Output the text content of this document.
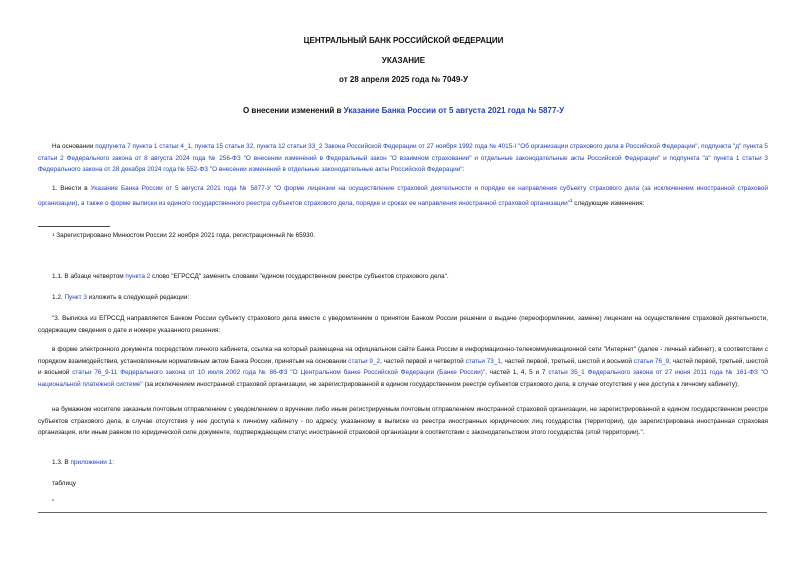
ЦЕНТРАЛЬНЫЙ БАНК РОССИЙСКОЙ ФЕДЕРАЦИИ
УКАЗАНИЕ
от 28 апреля 2025 года № 7049-У
О внесении изменений в Указание Банка России от 5 августа 2021 года № 5877-У

На основании подпункта 7 пункта 1 статьи 4_1, пункта 15 статьи 32, пункта 12 статьи 33_2 Закона Российской Федерации от 27 ноября 1992 года № 4015-I "Об организации страхового дела в Российской Федерации", подпункта "д" пункта 5 статьи 2 Федерального закона от 8 августа 2024 года № 256-ФЗ "О внесении изменений в Федеральный закон "О взаимном страховании" и отдельные законодательные акты Российской Федерации" и подпункта "а" пункта 1 статьи 3 Федерального закона от 28 декабря 2024 года № 552-ФЗ "О внесении изменений в отдельные законодательные акты Российской Федерации":

1. Внести в Указание Банка России от 5 августа 2021 года № 5877-У "О форме лицензии на осуществление страховой деятельности и порядке ее направления субъекту страхового дела (за исключением иностранной страховой организации), а также о форме выписки из единого государственного реестра субъектов страхового дела, порядке и сроках ее направления иностранной страховой организации"$^1$ следующие изменения:

$^1$ Зарегистрировано Минюстом России 22 ноября 2021 года, регистрационный № 65930.

1.1. В абзаце четвертом пункта 2 слово "ЕГРССД" заменить словами "едином государственном реестре субъектов страхового дела".

1.2. Пункт 3 изложить в следующей редакции:

"3. Выписка из ЕГРССД направляется Банком России субъекту страхового дела вместе с уведомлением о принятом Банком России решении о выдаче (переоформлении, замене) лицензии на осуществление страховой деятельности, содержащим сведения о дате и номере указанного решения:

в форме электронного документа посредством личного кабинета, ссылка на который размещена на официальном сайте Банка России в информационно-телекоммуникационной сети "Интернет" (далее - личный кабинет), в соответствии с порядком взаимодействия, установленным нормативным актом Банка России, принятым на основании статьи 9_2, частей первой и четвертой статьи 73_1, частей первой, третьей, шестой и восьмой статьи 76_9, частей первой, третьей, шестой и восьмой статьи 76_9-11 Федерального закона от 10 июля 2002 года № 86-ФЗ "О Центральном банке Российской Федерации (Банке России)", частей 1, 4, 5 и 7 статьи 35_1 Федерального закона от 27 июня 2011 года № 161-ФЗ "О национальной платежной системе" (за исключением иностранной страховой организации, не зарегистрированной в едином государственном реестре субъектов страхового дела, в случае отсутствия у нее доступа к личному кабинету);

на бумажном носителе заказным почтовым отправлением с уведомлением о вручении либо иным регистрируемым почтовым отправлением иностранной страховой организации, не зарегистрированной в едином государственном реестре субъектов страхового дела, в случае отсутствия у нее доступа к личному кабинету - по адресу, указанному в выписке из реестра иностранных юридических лиц государства (территории), где зарегистрирована иностранная страховая организация, или иным равном по юридической силе документе, подтверждающем статус иностранной страховой организации в соответствии с законодательством этого государства (этой территории).".

1.3. В приложении 1:

таблицу

"
